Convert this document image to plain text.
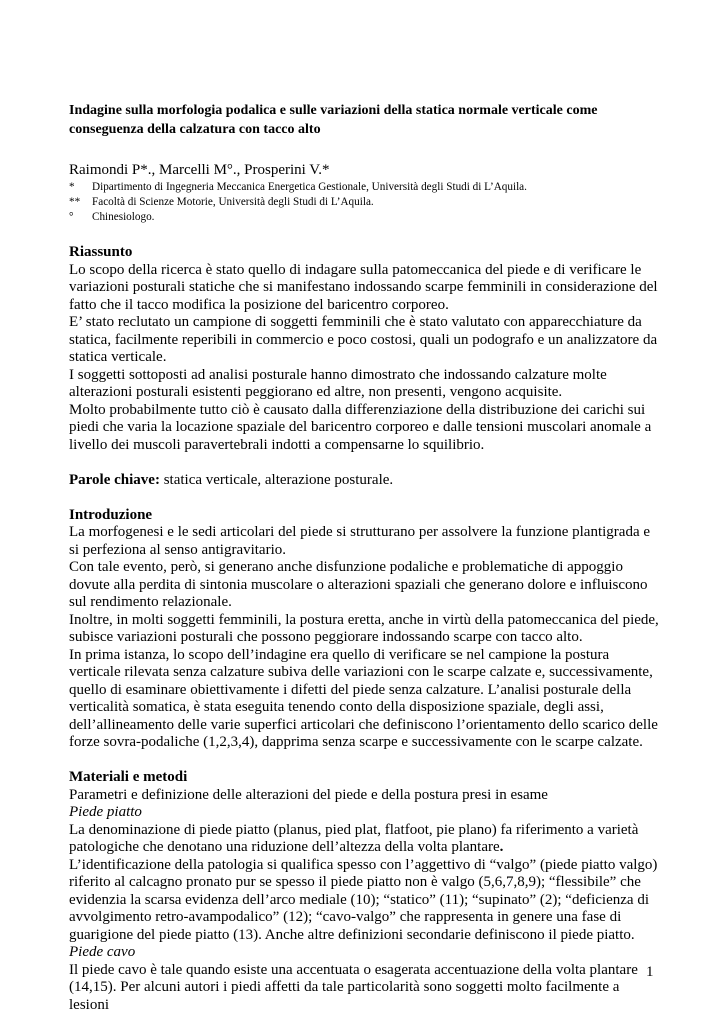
Indagine sulla morfologia podalica e sulle variazioni della statica normale verticale come conseguenza della calzatura con tacco alto
Raimondi P*., Marcelli M°., Prosperini V.*
*	Dipartimento di Ingegneria Meccanica Energetica Gestionale, Università degli Studi di L’Aquila.
**	Facoltà di Scienze Motorie, Università degli Studi di L’Aquila.
°	Chinesiologo.
Riassunto

Lo scopo della ricerca è stato quello di indagare sulla patomeccanica del piede e di verificare le variazioni posturali statiche che si manifestano indossando scarpe femminili in considerazione del fatto che il tacco modifica la posizione del baricentro corporeo.

E’ stato reclutato un campione di soggetti femminili che è stato valutato con apparecchiature da statica, facilmente reperibili in commercio e poco costosi, quali un podografo e un analizzatore da statica verticale.

I soggetti sottoposti ad analisi posturale hanno dimostrato che indossando calzature molte alterazioni posturali esistenti peggiorano ed altre, non presenti, vengono acquisite.

Molto probabilmente tutto ciò è causato dalla differenziazione della distribuzione dei carichi sui piedi che varia la locazione spaziale del baricentro corporeo e dalle tensioni muscolari anomale a livello dei muscoli paravertebrali indotti a compensarne lo squilibrio.

Parole chiave: statica verticale, alterazione posturale.

Introduzione

La morfogenesi e le sedi articolari del piede si strutturano per assolvere la funzione plantigrada e si perfeziona al senso antigravitario.

Con tale evento, però, si generano anche disfunzione podaliche e problematiche di appoggio dovute alla perdita di sintonia muscolare o alterazioni spaziali che generano dolore e influiscono sul rendimento relazionale.

Inoltre, in molti soggetti femminili, la postura eretta, anche in virtù della patomeccanica del piede, subisce variazioni posturali che possono peggiorare indossando scarpe con tacco alto.

In prima istanza, lo scopo dell’indagine era quello di verificare se nel campione la postura verticale rilevata senza calzature subiva delle variazioni con le scarpe calzate e, successivamente, quello di esaminare obiettivamente i difetti del piede senza calzature. L’analisi posturale della verticalità somatica, è stata eseguita tenendo conto della disposizione spaziale, degli assi, dell’allineamento delle varie superfici articolari che definiscono l’orientamento dello scarico delle forze sovra-podaliche (1,2,3,4), dapprima senza scarpe e successivamente con le scarpe calzate.

Materiali e metodi

Parametri e definizione delle alterazioni del piede e della postura presi in esame

Piede piatto

La denominazione di piede piatto (planus, pied plat, flatfoot, pie plano) fa riferimento a varietà patologiche che denotano una riduzione dell’altezza della volta plantare.

L’identificazione della patologia si qualifica spesso con l’aggettivo di “valgo” (piede piatto valgo) riferito al calcagno pronato pur se spesso il piede piatto non è valgo (5,6,7,8,9); “flessibile” che evidenzia la scarsa evidenza dell’arco mediale (10); “statico” (11); “supinato” (2); “deficienza di avvolgimento retro-avampodalico” (12); “cavo-valgo” che rappresenta in genere una fase di guarigione del piede piatto (13). Anche altre definizioni secondarie definiscono il piede piatto.

Piede cavo

Il piede cavo è tale quando esiste una accentuata o esagerata accentuazione della volta plantare (14,15). Per alcuni autori i piedi affetti da tale particolarità sono soggetti molto facilmente a lesioni

1
